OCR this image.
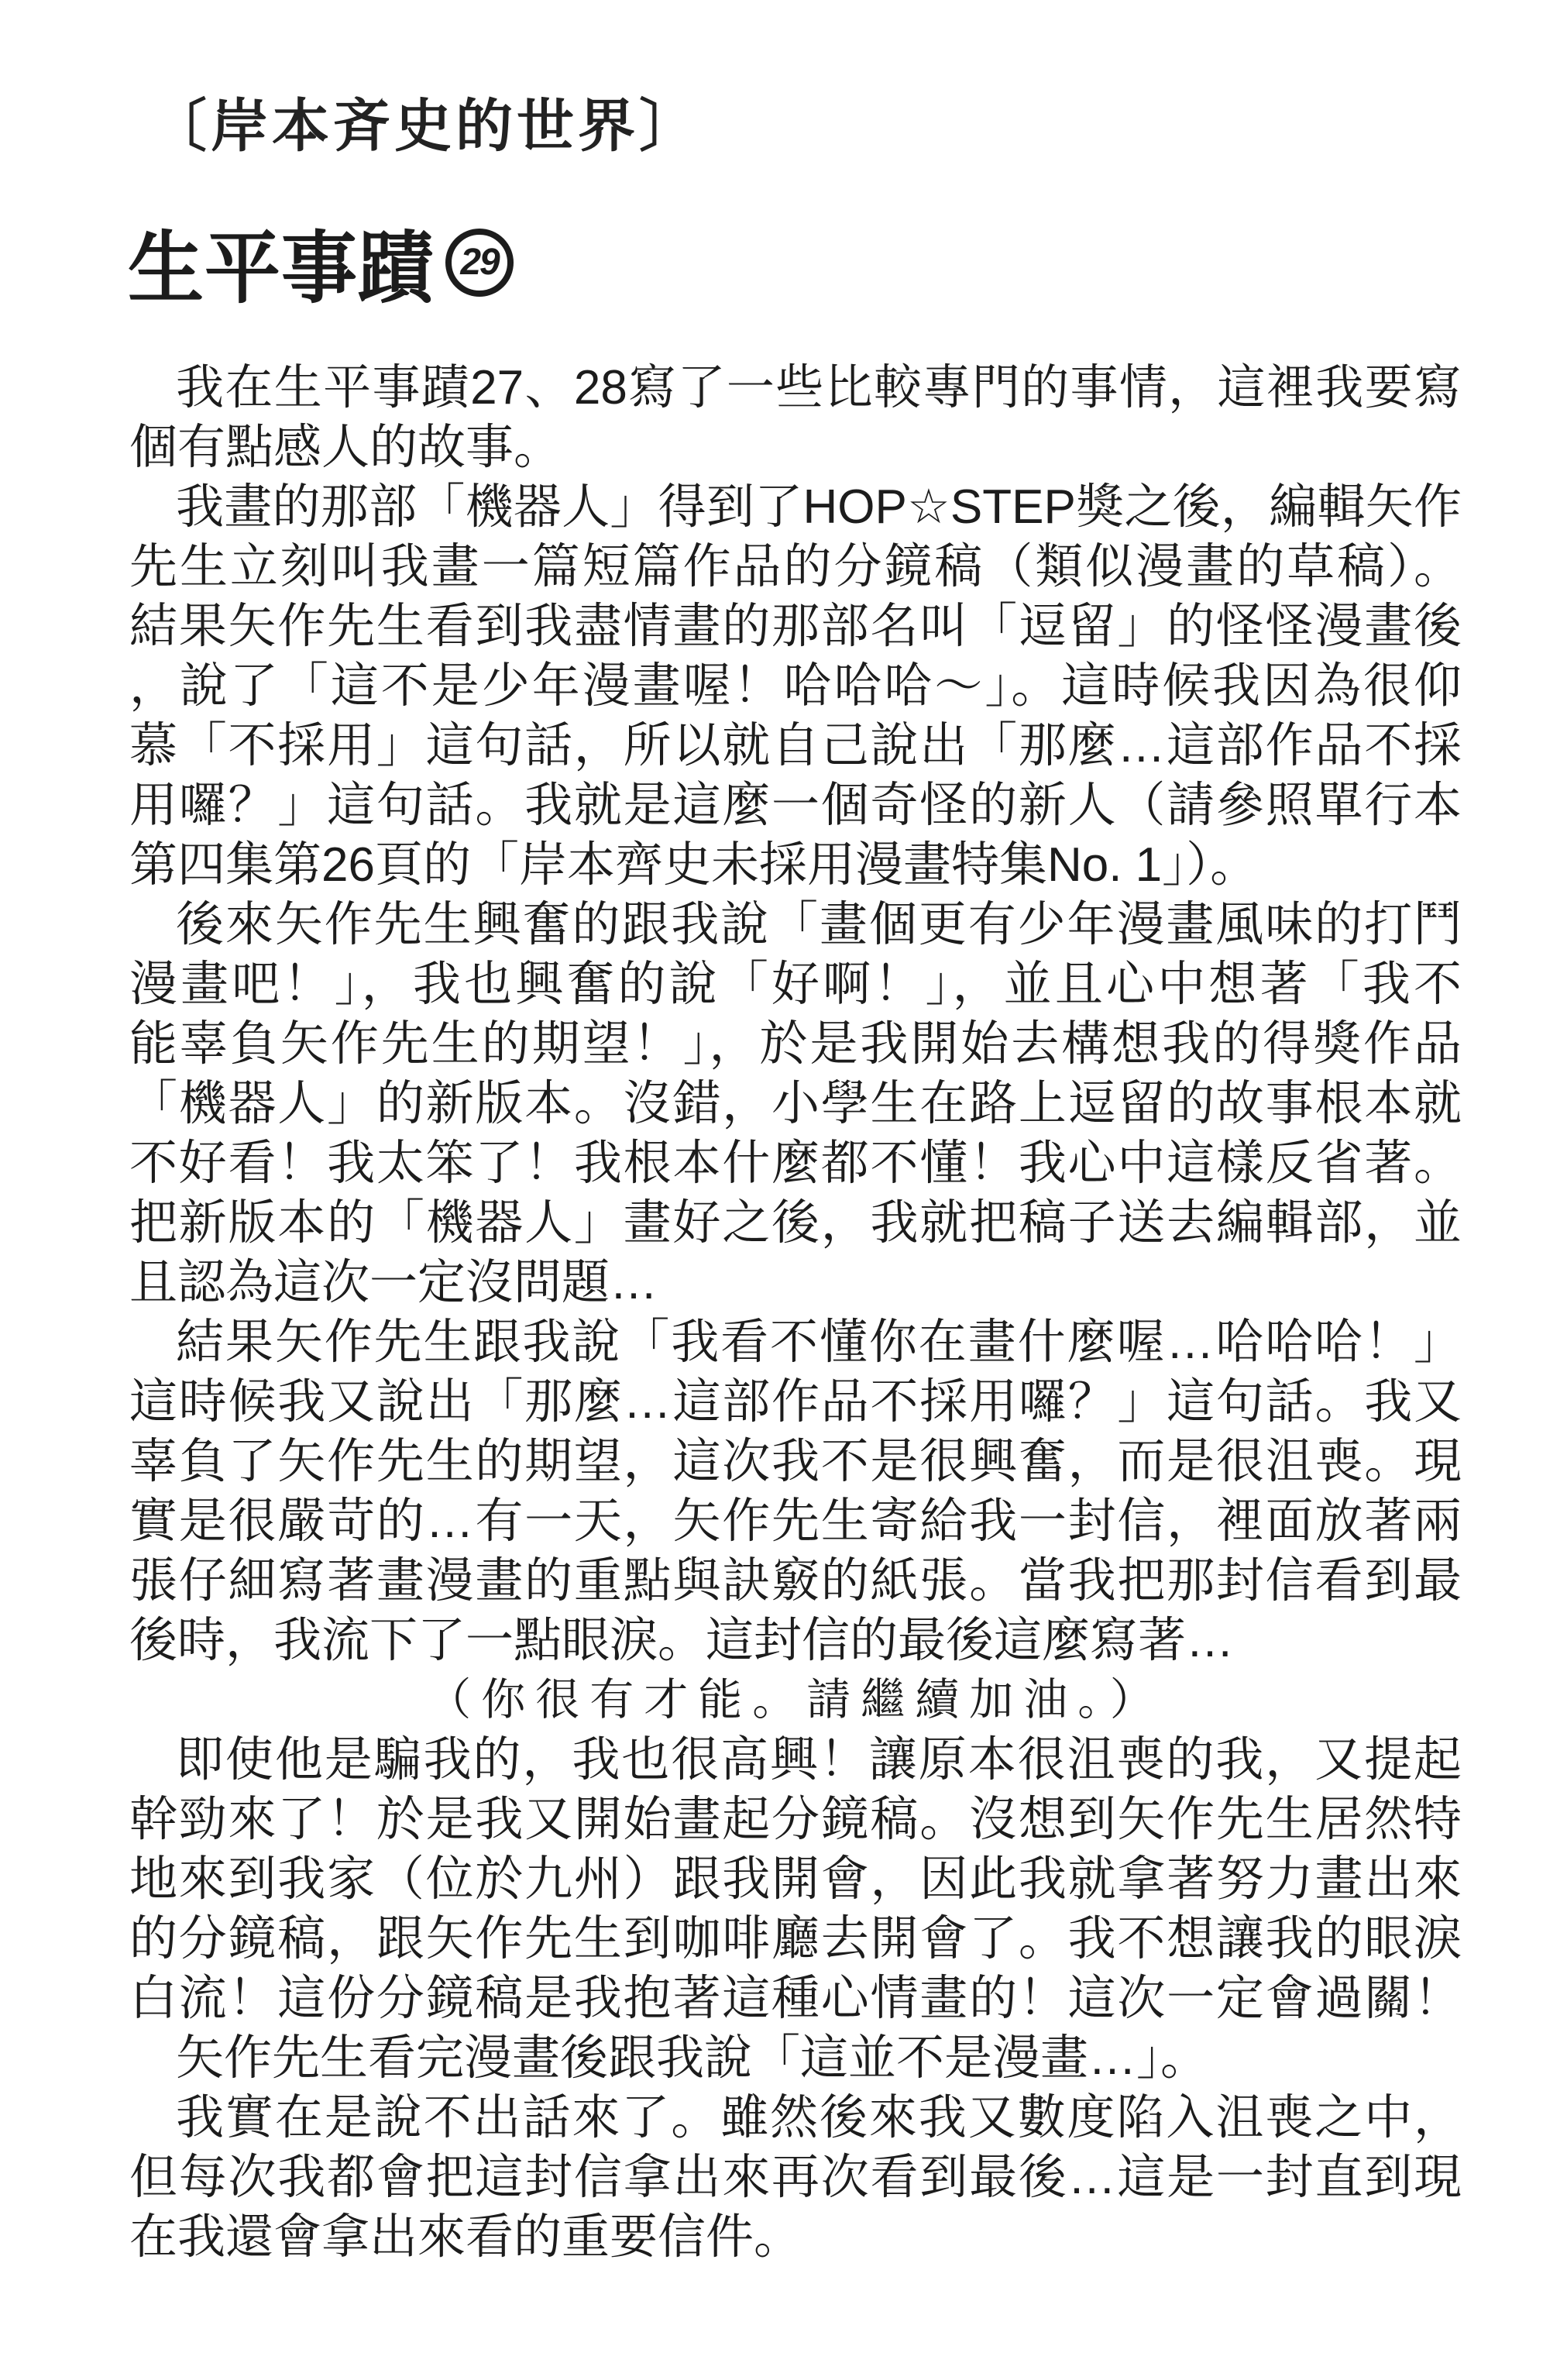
〔岸本斉史的世界〕
生平事蹟 29
我在生平事蹟27、28寫了一些比較專門的事情，這裡我要寫
個有點感人的故事。
我畫的那部「機器人」得到了HOP☆STEP獎之後，編輯矢作
先生立刻叫我畫一篇短篇作品的分鏡稿（類似漫畫的草稿）。
結果矢作先生看到我盡情畫的那部名叫「逗留」的怪怪漫畫後
，說了「這不是少年漫畫喔！哈哈哈～」。這時候我因為很仰
慕「不採用」這句話，所以就自己說出「那麼…這部作品不採
用囉？」這句話。我就是這麼一個奇怪的新人（請參照單行本
第四集第26頁的「岸本齊史未採用漫畫特集No. 1」）。
後來矢作先生興奮的跟我說「畫個更有少年漫畫風味的打鬥
漫畫吧！」，我也興奮的說「好啊！」，並且心中想著「我不
能辜負矢作先生的期望！」，於是我開始去構想我的得獎作品
「機器人」的新版本。沒錯，小學生在路上逗留的故事根本就
不好看！我太笨了！我根本什麼都不懂！我心中這樣反省著。
把新版本的「機器人」畫好之後，我就把稿子送去編輯部，並
且認為這次一定沒問題…
結果矢作先生跟我說「我看不懂你在畫什麼喔…哈哈哈！」
這時候我又說出「那麼…這部作品不採用囉？」這句話。我又
辜負了矢作先生的期望，這次我不是很興奮，而是很沮喪。現
實是很嚴苛的…有一天，矢作先生寄給我一封信，裡面放著兩
張仔細寫著畫漫畫的重點與訣竅的紙張。當我把那封信看到最
後時，我流下了一點眼淚。這封信的最後這麼寫著…
（你很有才能。請繼續加油。）
即使他是騙我的，我也很高興！讓原本很沮喪的我，又提起
幹勁來了！於是我又開始畫起分鏡稿。沒想到矢作先生居然特
地來到我家（位於九州）跟我開會，因此我就拿著努力畫出來
的分鏡稿，跟矢作先生到咖啡廳去開會了。我不想讓我的眼淚
白流！這份分鏡稿是我抱著這種心情畫的！這次一定會過關！
矢作先生看完漫畫後跟我說「這並不是漫畫…」。
我實在是說不出話來了。雖然後來我又數度陷入沮喪之中，
但每次我都會把這封信拿出來再次看到最後…這是一封直到現
在我還會拿出來看的重要信件。
